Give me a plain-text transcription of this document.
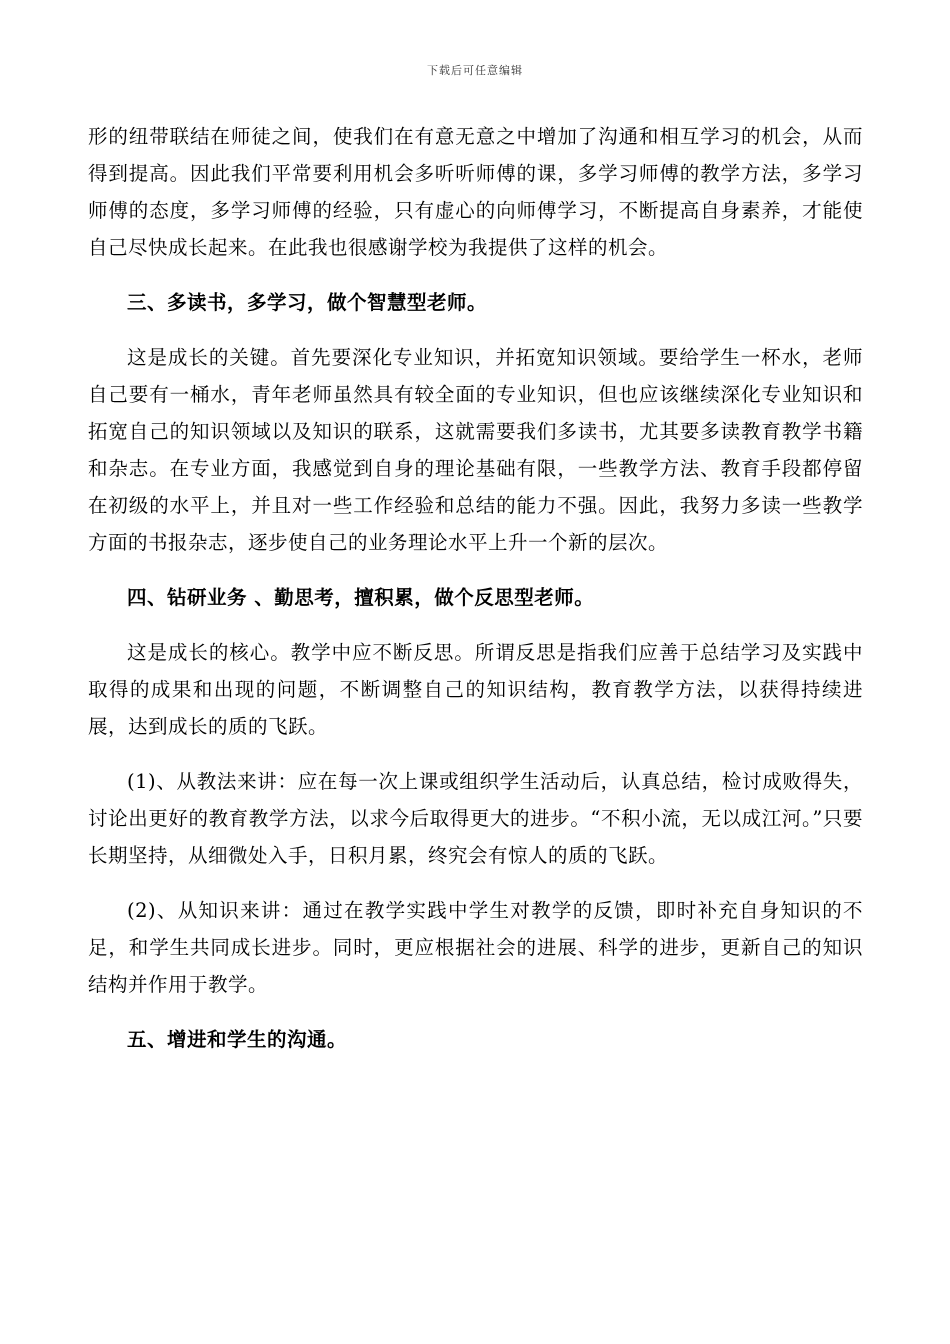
下载后可任意编辑

形的纽带联结在师徒之间，使我们在有意无意之中增加了沟通和相互学习的机会，从而得到提高。因此我们平常要利用机会多听听师傅的课，多学习师傅的教学方法，多学习师傅的态度，多学习师傅的经验，只有虚心的向师傅学习，不断提高自身素养，才能使自己尽快成长起来。在此我也很感谢学校为我提供了这样的机会。

三、多读书，多学习，做个智慧型老师。

这是成长的关键。首先要深化专业知识，并拓宽知识领域。要给学生一杯水，老师自己要有一桶水，青年老师虽然具有较全面的专业知识，但也应该继续深化专业知识和拓宽自己的知识领域以及知识的联系，这就需要我们多读书，尤其要多读教育教学书籍和杂志。在专业方面，我感觉到自身的理论基础有限，一些教学方法、教育手段都停留在初级的水平上，并且对一些工作经验和总结的能力不强。因此，我努力多读一些教学方面的书报杂志，逐步使自己的业务理论水平上升一个新的层次。

四、钻研业务 、勤思考，擅积累，做个反思型老师。

这是成长的核心。教学中应不断反思。所谓反思是指我们应善于总结学习及实践中取得的成果和出现的问题，不断调整自己的知识结构，教育教学方法，以获得持续进展，达到成长的质的飞跃。

(1)、从教法来讲：应在每一次上课或组织学生活动后，认真总结，检讨成败得失，讨论出更好的教育教学方法，以求今后取得更大的进步。“不积小流，无以成江河。”只要长期坚持，从细微处入手，日积月累，终究会有惊人的质的飞跃。

(2)、从知识来讲：通过在教学实践中学生对教学的反馈，即时补充自身知识的不足，和学生共同成长进步。同时，更应根据社会的进展、科学的进步，更新自己的知识结构并作用于教学。

五、增进和学生的沟通。
